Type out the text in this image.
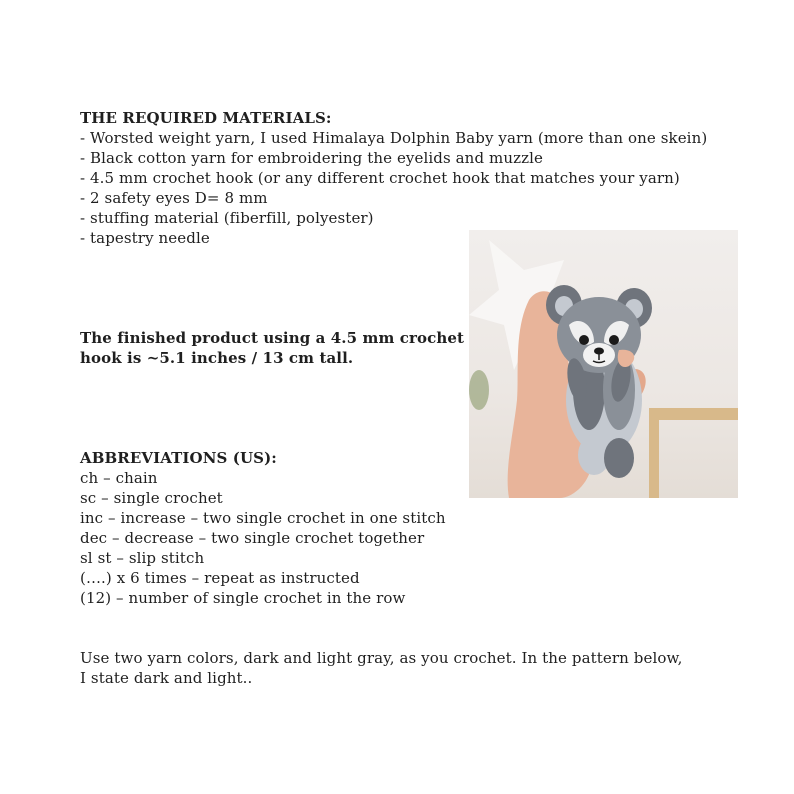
THE REQUIRED MATERIALS:
- Worsted weight yarn, I used Himalaya Dolphin Baby yarn (more than one skein)
- Black cotton yarn for embroidering the eyelids and muzzle
- 4.5 mm crochet hook (or any different crochet hook that matches your yarn)
- 2 safety eyes D= 8 mm
- stuffing material (fiberfill, polyester)
- tapestry needle
The finished product using a 4.5 mm crochet
hook is ~5.1 inches / 13 cm tall.
ABBREVIATIONS (US):
ch – chain
sc – single crochet
inc – increase – two single crochet in one stitch
dec – decrease – two single crochet together
sl st – slip stitch
(….) x 6 times – repeat as instructed
(12) – number of single crochet in the row
Use two yarn colors, dark and light gray, as you crochet. In the pattern below,
I state dark and light..
